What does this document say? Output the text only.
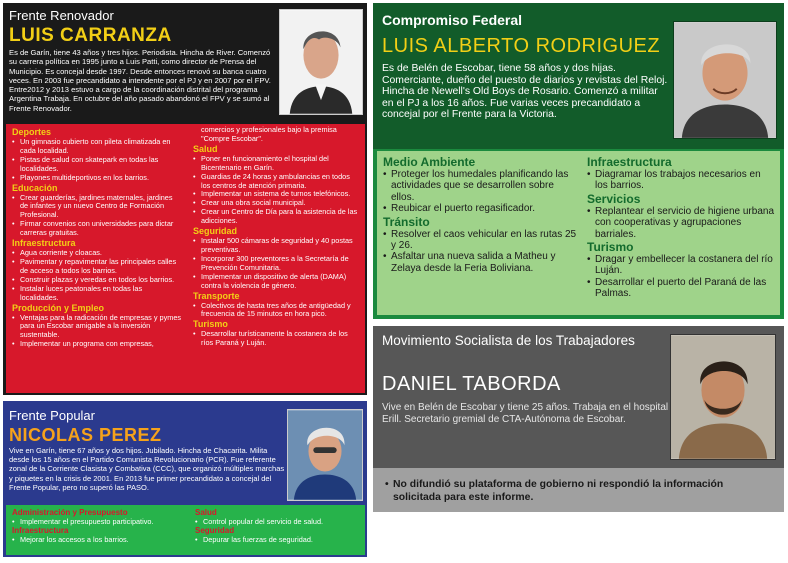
Frente Renovador
LUIS CARRANZA
Es de Garín, tiene 43 años y tres hijos. Periodista. Hincha de River. Comenzó su carrera política en 1995 junto a Luis Patti, como director de Prensa del Municipio. Es concejal desde 1997. Desde entonces renovó su banca cuatro veces. En 2003 fue precandidato a intendente por el PJ y en 2007 por el FPV. Entre2012 y 2013 estuvo a cargo de la coordinación distrital del programa Argentina Trabaja. En octubre del año pasado abandonó el FPV y se sumó al Frente Renovador.
Deportes
• Un gimnasio cubierto con pileta climatizada en cada localidad.
• Pistas de salud con skatepark en todas las localidades.
• Playones multideportivos en los barrios.
Educación
• Crear guarderías, jardines maternales, jardines de infantes y un nuevo Centro de Formación Profesional.
• Firmar convenios con universidades para dictar carreras gratuitas.
Infraestructura
• Agua corriente y cloacas.
• Pavimentar y repavimentar las principales calles de acceso a todos los barrios.
• Construir plazas y veredas en todos los barrios.
• Instalar luces peatonales en todas las localidades.
Producción y Empleo
• Ventajas para la radicación de empresas y pymes para un Escobar amigable a la inversión sustentable.
• Implementar un programa con empresas,
comercios y profesionales bajo la premisa "Compre Escobar".
Salud
• Poner en funcionamiento el hospital del Bicentenario en Garín.
• Guardias de 24 horas y ambulancias en todos los centros de atención primaria.
• Implementar un sistema de turnos telefónicos.
• Crear una obra social municipal.
• Crear un Centro de Día para la asistencia de las adicciones.
Seguridad
• Instalar 500 cámaras de seguridad y 40 postas preventivas.
• Incorporar 300 preventores a la Secretaría de Prevención Comunitaria.
• Implementar un dispositivo de alerta (DAMA) contra la violencia de género.
Transporte
• Colectivos de hasta tres años de antigüedad y frecuencia de 15 minutos en hora pico.
Turismo
• Desarrollar turísticamente la costanera de los ríos Paraná y Luján.
Frente Popular
NICOLAS PEREZ
Vive en Garín, tiene 67 años y dos hijos. Jubilado. Hincha de Chacarita. Milita desde los 15 años en el Partido Comunista Revolucionario (PCR). Fue referente zonal de la Corriente Clasista y Combativa (CCC), que organizó múltiples marchas y piquetes en la crisis de 2001. En 2013 fue primer precandidato a concejal del Frente Popular, pero no superó las PASO.
Administración y Presupuesto
• Implementar el presupuesto participativo.
Infraestructura
• Mejorar los accesos a los barrios.
Salud
• Control popular del servicio de salud.
Seguridad
• Depurar las fuerzas de seguridad.
Compromiso Federal
LUIS ALBERTO RODRIGUEZ
Es de Belén de Escobar, tiene 58 años y dos hijas. Comerciante, dueño del puesto de diarios y revistas del Reloj. Hincha de Newell's Old Boys de Rosario. Comenzó a militar en el PJ a los 16 años. Fue varias veces precandidato a concejal por el Frente para la Victoria.
Medio Ambiente
• Proteger los humedales planificando las actividades que se desarrollen sobre ellos.
• Reubicar el puerto regasificador.
Tránsito
• Resolver el caos vehicular en las rutas 25 y 26.
• Asfaltar una nueva salida a Matheu y Zelaya desde la Feria Boliviana.
Infraestructura
• Diagramar los trabajos necesarios en los barrios.
Servicios
• Replantear el servicio de higiene urbana con cooperativas y agrupaciones barriales.
Turismo
• Dragar y embellecer la costanera del río Luján.
• Desarrollar el puerto del Paraná de las Palmas.
Movimiento Socialista de los Trabajadores
DANIEL TABORDA
Vive en Belén de Escobar y tiene 25 años. Trabaja en el hospital Erill. Secretario gremial de CTA-Autónoma de Escobar.
• No difundió su plataforma de gobierno ni respondió la información solicitada para este informe.
